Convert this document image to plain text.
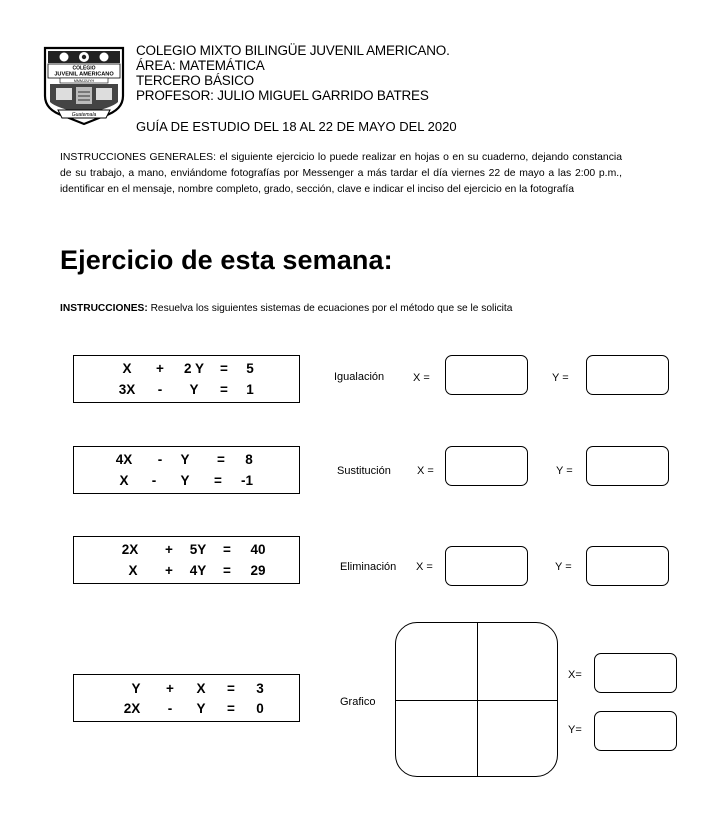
COLEGIO
JUVENIL AMERICANO
MMMJJUYH
Guatemala
COLEGIO MIXTO BILINGÜE JUVENIL AMERICANO.
ÁREA: MATEMÁTICA
TERCERO BÁSICO
PROFESOR: JULIO MIGUEL GARRIDO BATRES
GUÍA DE ESTUDIO DEL 18 AL 22 DE MAYO DEL 2020
INSTRUCCIONES GENERALES: el siguiente ejercicio lo puede realizar en hojas o en su cuaderno, dejando constancia de su trabajo, a mano, enviándome fotografías por Messenger a más tardar el día viernes 22 de mayo a las 2:00 p.m., identificar en el mensaje, nombre completo, grado, sección, clave e indicar el inciso del ejercicio en la fotografía
Ejercicio de esta semana:
INSTRUCCIONES: Resuelva los siguientes sistemas de ecuaciones por el método que se le solicita
X	+	2 Y	=	5
3X	-	Y	=	1
Igualación	X =	Y =
4X	-	Y	=	8
X	-	Y	=	-1
Sustitución X =	Y =
2X	+	5Y	=	40
X	+	4Y	=	29	Eliminación X =	Y =
Y	+	X	=	3
2X	-	Y	=	0	Grafico
X=
Y=
